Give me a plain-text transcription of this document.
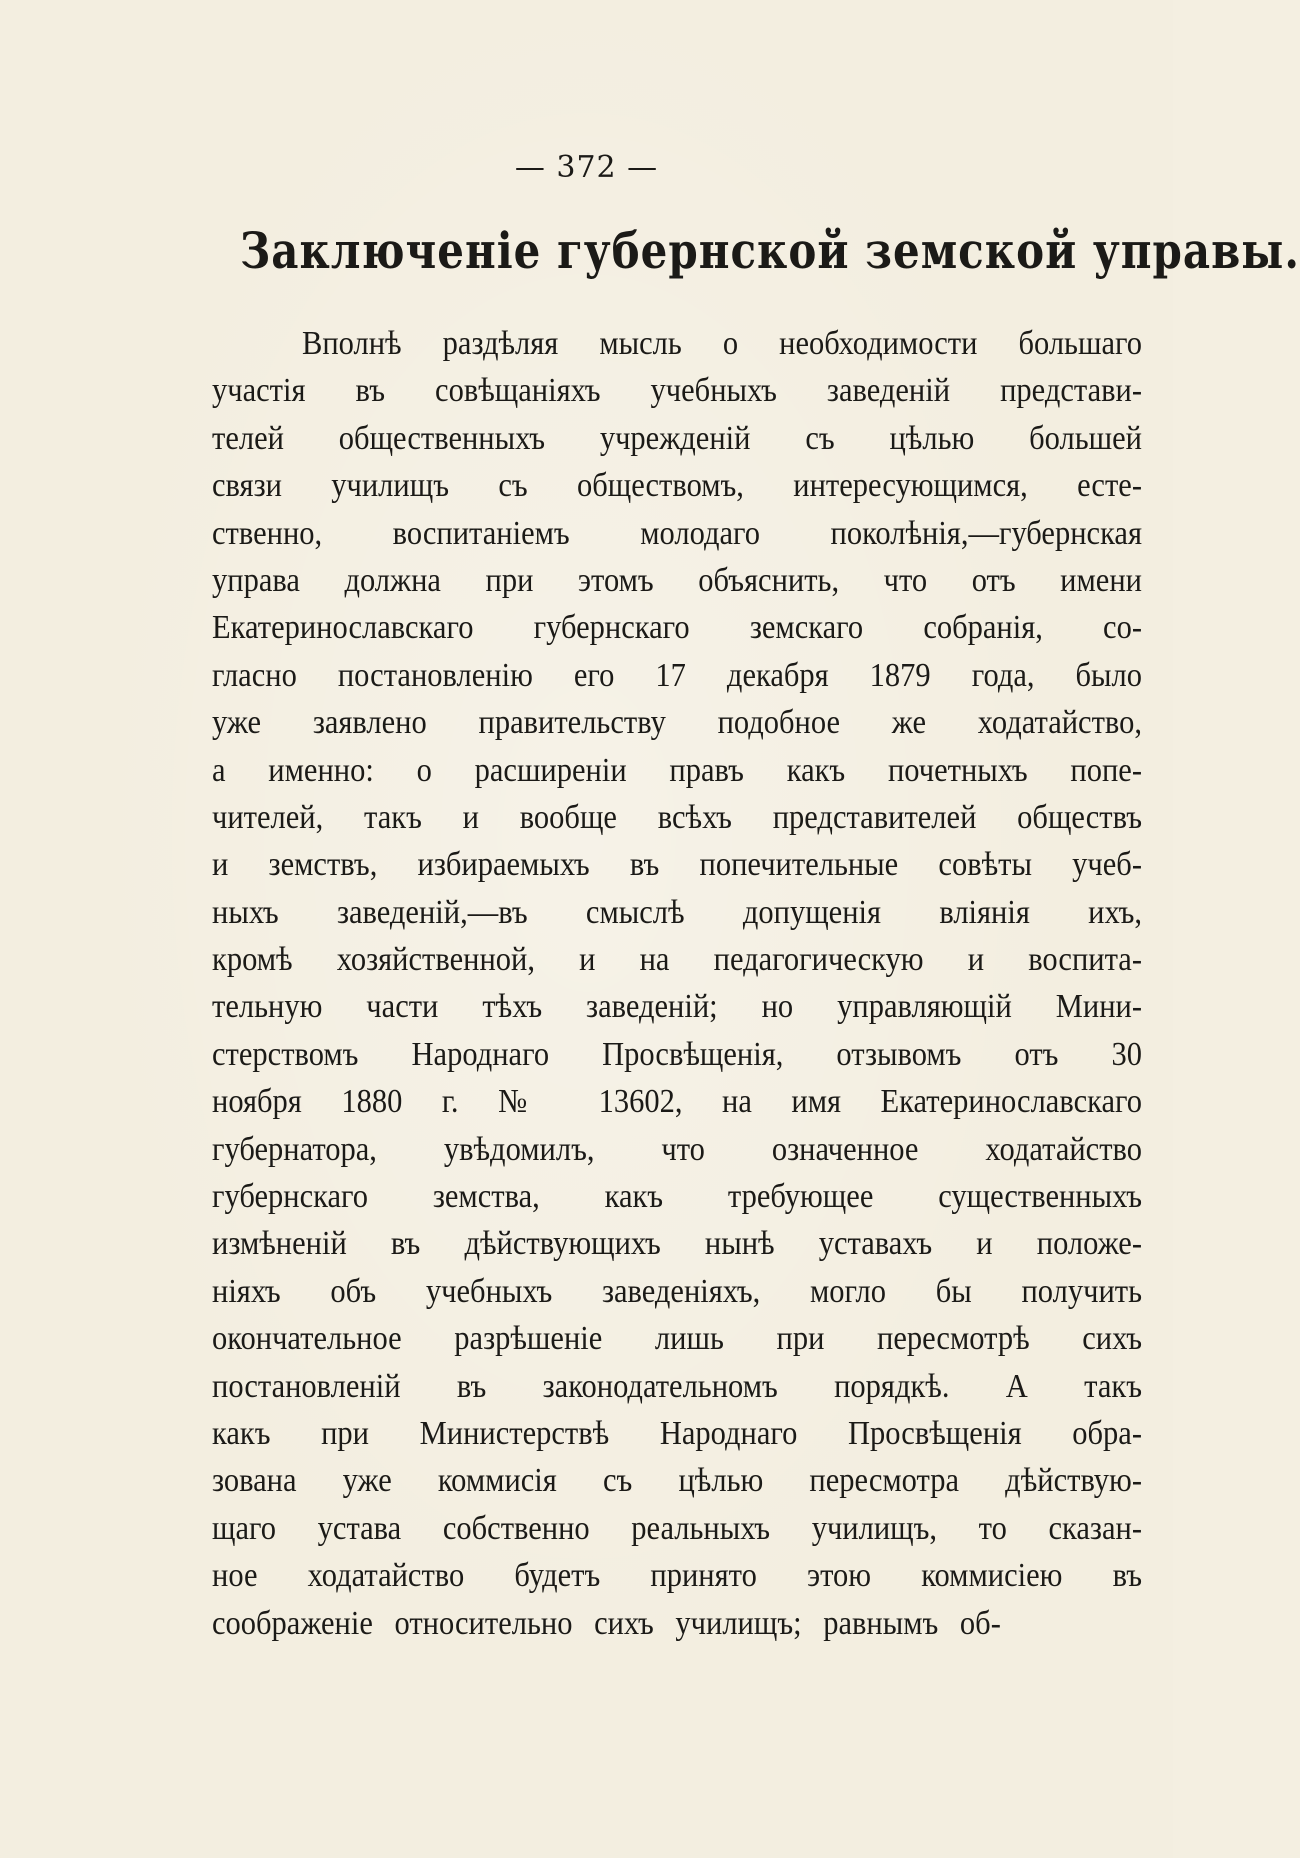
— 372 —
Заключеніе губернской земской управы.
Вполнѣ раздѣляя мысль о необходимости большаго
участія въ совѣщаніяхъ учебныхъ заведеній представи-
телей общественныхъ учрежденій съ цѣлью большей
связи училищъ съ обществомъ, интересующимся, есте-
ственно, воспитаніемъ молодаго поколѣнія,—губернская
управа должна при этомъ объяснить, что отъ имени
Екатеринославскаго губернскаго земскаго собранія, со-
гласно постановленію его 17 декабря 1879 года, было
уже заявлено правительству подобное же ходатайство,
а именно: о расширеніи правъ какъ почетныхъ попе-
чителей, такъ и вообще всѣхъ представителей обществъ
и земствъ, избираемыхъ въ попечительные совѣты учеб-
ныхъ заведеній,—въ смыслѣ допущенія вліянія ихъ,
кромѣ хозяйственной, и на педагогическую и воспита-
тельную части тѣхъ заведеній; но управляющій Мини-
стерствомъ Народнаго Просвѣщенія, отзывомъ отъ 30
ноября 1880 г. № 13602, на имя Екатеринославскаго
губернатора, увѣдомилъ, что означенное ходатайство
губернскаго земства, какъ требующее существенныхъ
измѣненій въ дѣйствующихъ нынѣ уставахъ и положе-
ніяхъ объ учебныхъ заведеніяхъ, могло бы получить
окончательное разрѣшеніе лишь при пересмотрѣ сихъ
постановленій въ законодательномъ порядкѣ. А такъ
какъ при Министерствѣ Народнаго Просвѣщенія обра-
зована уже коммисія съ цѣлью пересмотра дѣйствую-
щаго устава собственно реальныхъ училищъ, то сказан-
ное ходатайство будетъ принято этою коммисіею въ
соображеніе относительно сихъ училищъ; равнымъ об-
